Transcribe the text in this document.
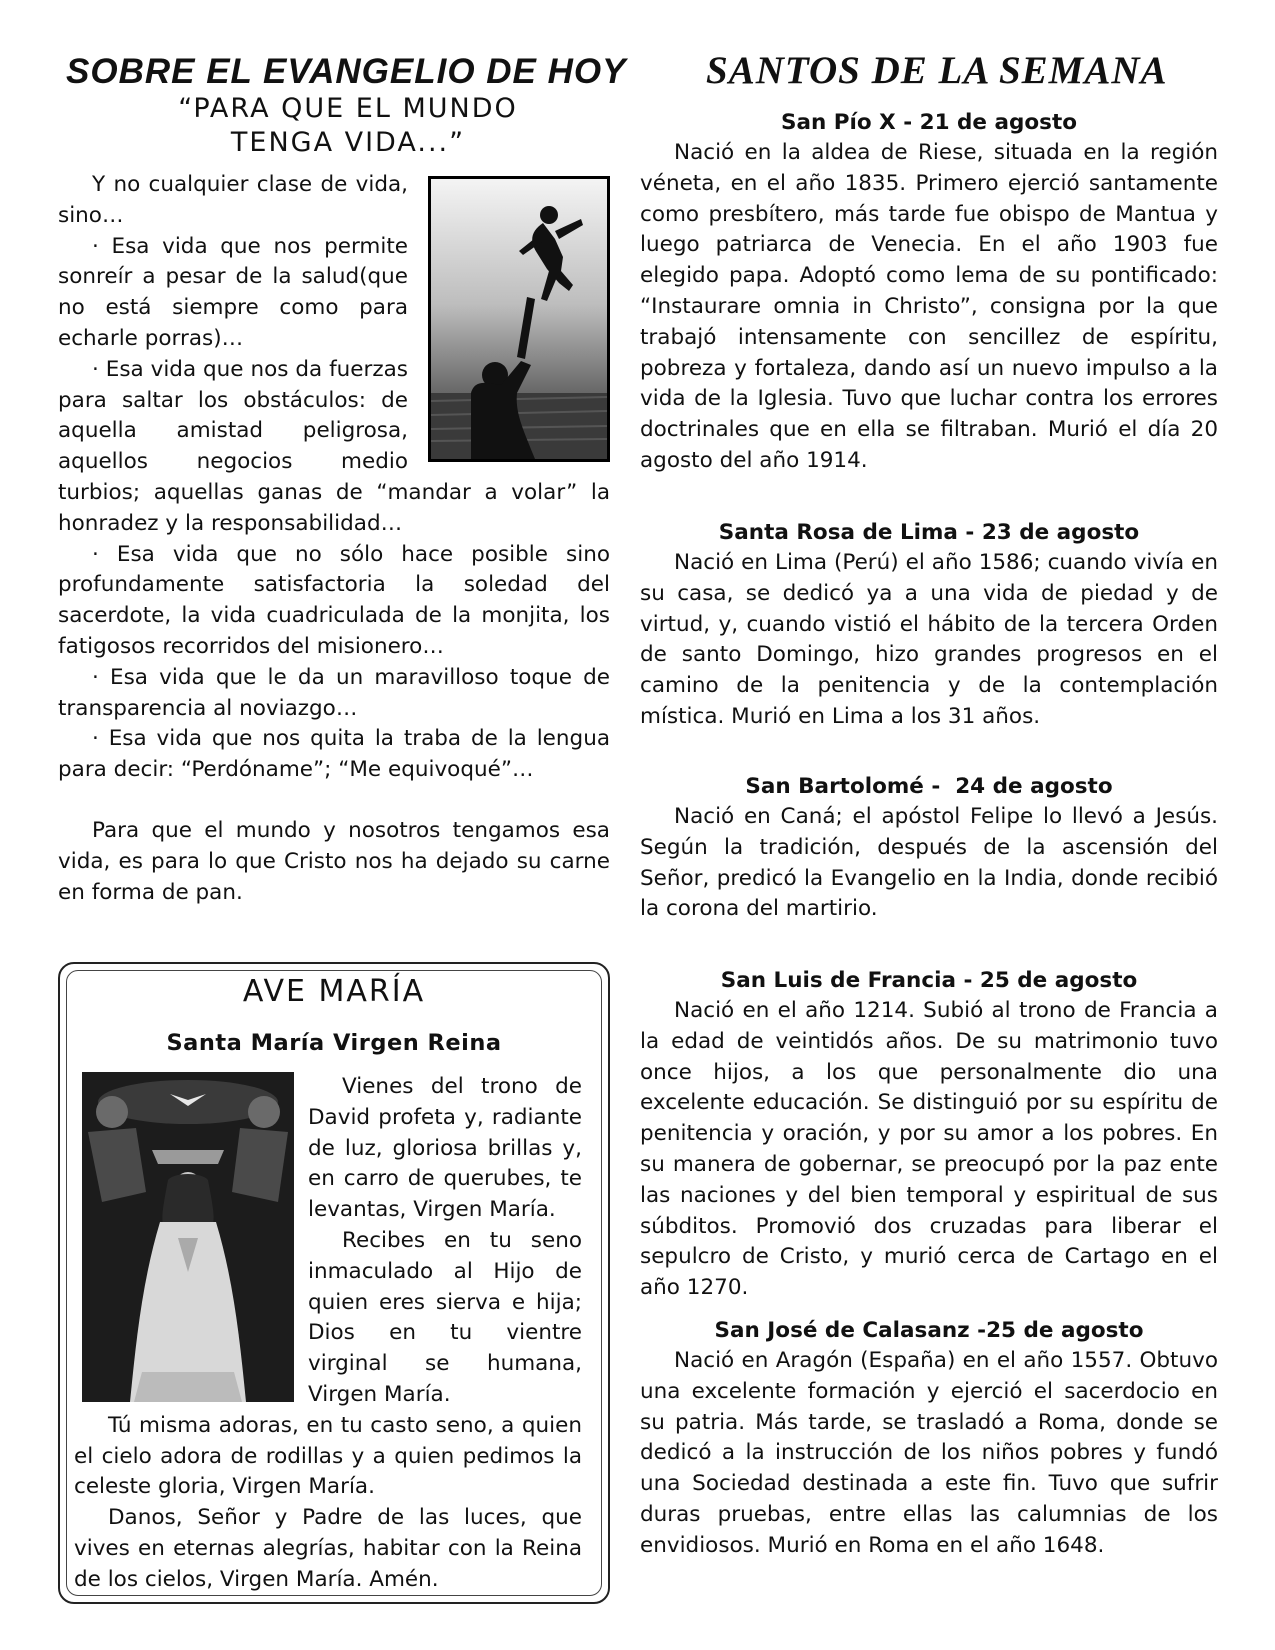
SOBRE EL EVANGELIO DE HOY
“PARA QUE EL MUNDO
TENGA VIDA...”

Y no cualquier clase de vida, sino…

· Esa vida que nos permite sonreír a pesar de la salud(que no está siempre como para echarle porras)…

· Esa vida que nos da fuerzas para saltar los obstáculos: de aquella amistad peligrosa, aquellos negocios medio turbios; aquellas ganas de “mandar a volar” la honradez y la responsabilidad…

· Esa vida que no sólo hace posible sino profundamente satisfactoria la soledad del sacerdote, la vida cuadriculada de la monjita, los fatigosos recorridos del misionero…

· Esa vida que le da un maravilloso toque de transparencia al noviazgo…

· Esa vida que nos quita la traba de la lengua para decir: “Perdóname”; “Me equivoqué”…

Para que el mundo y nosotros tengamos esa vida, es para lo que Cristo nos ha dejado su carne en forma de pan.

AVE MARÍA
Santa María Virgen Reina

Vienes del trono de David profeta y, radiante de luz, gloriosa brillas y, en carro de querubes, te levantas, Virgen María.

Recibes en tu seno inmaculado al Hijo de quien eres sierva e hija; Dios en tu vientre virginal se humana, Virgen María.

Tú misma adoras, en tu casto seno, a quien el cielo adora de rodillas y a quien pedimos la celeste gloria, Virgen María.

Danos, Señor y Padre de las luces, que vives en eternas alegrías, habitar con la Reina de los cielos, Virgen María. Amén.

SANTOS DE LA SEMANA
San Pío X - 21 de agosto

Nació en la aldea de Riese, situada en la región véneta, en el año 1835. Primero ejerció santamente como presbítero, más tarde fue obispo de Mantua y luego patriarca de Venecia. En el año 1903 fue elegido papa. Adoptó como lema de su pontificado: “Instaurare omnia in Christo”, consigna por la que trabajó intensamente con sencillez de espíritu, pobreza y fortaleza, dando así un nuevo impulso a la vida de la Iglesia. Tuvo que luchar contra los errores doctrinales que en ella se filtraban. Murió el día 20 agosto del año 1914.

Santa Rosa de Lima - 23 de agosto

Nació en Lima (Perú) el año 1586; cuando vivía en su casa, se dedicó ya a una vida de piedad y de virtud, y, cuando vistió el hábito de la tercera Orden de santo Domingo, hizo grandes progresos en el camino de la penitencia y de la contemplación mística. Murió en Lima a los 31 años.

San Bartolomé -  24 de agosto

Nació en Caná; el apóstol Felipe lo llevó a Jesús. Según la tradición, después de la ascensión del Señor, predicó la Evangelio en la India, donde recibió la corona del martirio.

San Luis de Francia - 25 de agosto

Nació en el año 1214. Subió al trono de Francia a la edad de veintidós años. De su matrimonio tuvo once hijos, a los que personalmente dio una excelente educación. Se distinguió por su espíritu de penitencia y oración, y por su amor a los pobres. En su manera de gobernar, se preocupó por la paz ente las naciones y del bien temporal y espiritual de sus súbditos. Promovió dos cruzadas para liberar el sepulcro de Cristo, y murió cerca de Cartago en el año 1270.

San José de Calasanz -25 de agosto

Nació en Aragón (España) en el año 1557. Obtuvo una excelente formación y ejerció el sacerdocio en su patria. Más tarde, se trasladó a Roma, donde se dedicó a la instrucción de los niños pobres y fundó una Sociedad destinada a este fin. Tuvo que sufrir duras pruebas, entre ellas las calumnias de los envidiosos. Murió en Roma en el año 1648.
